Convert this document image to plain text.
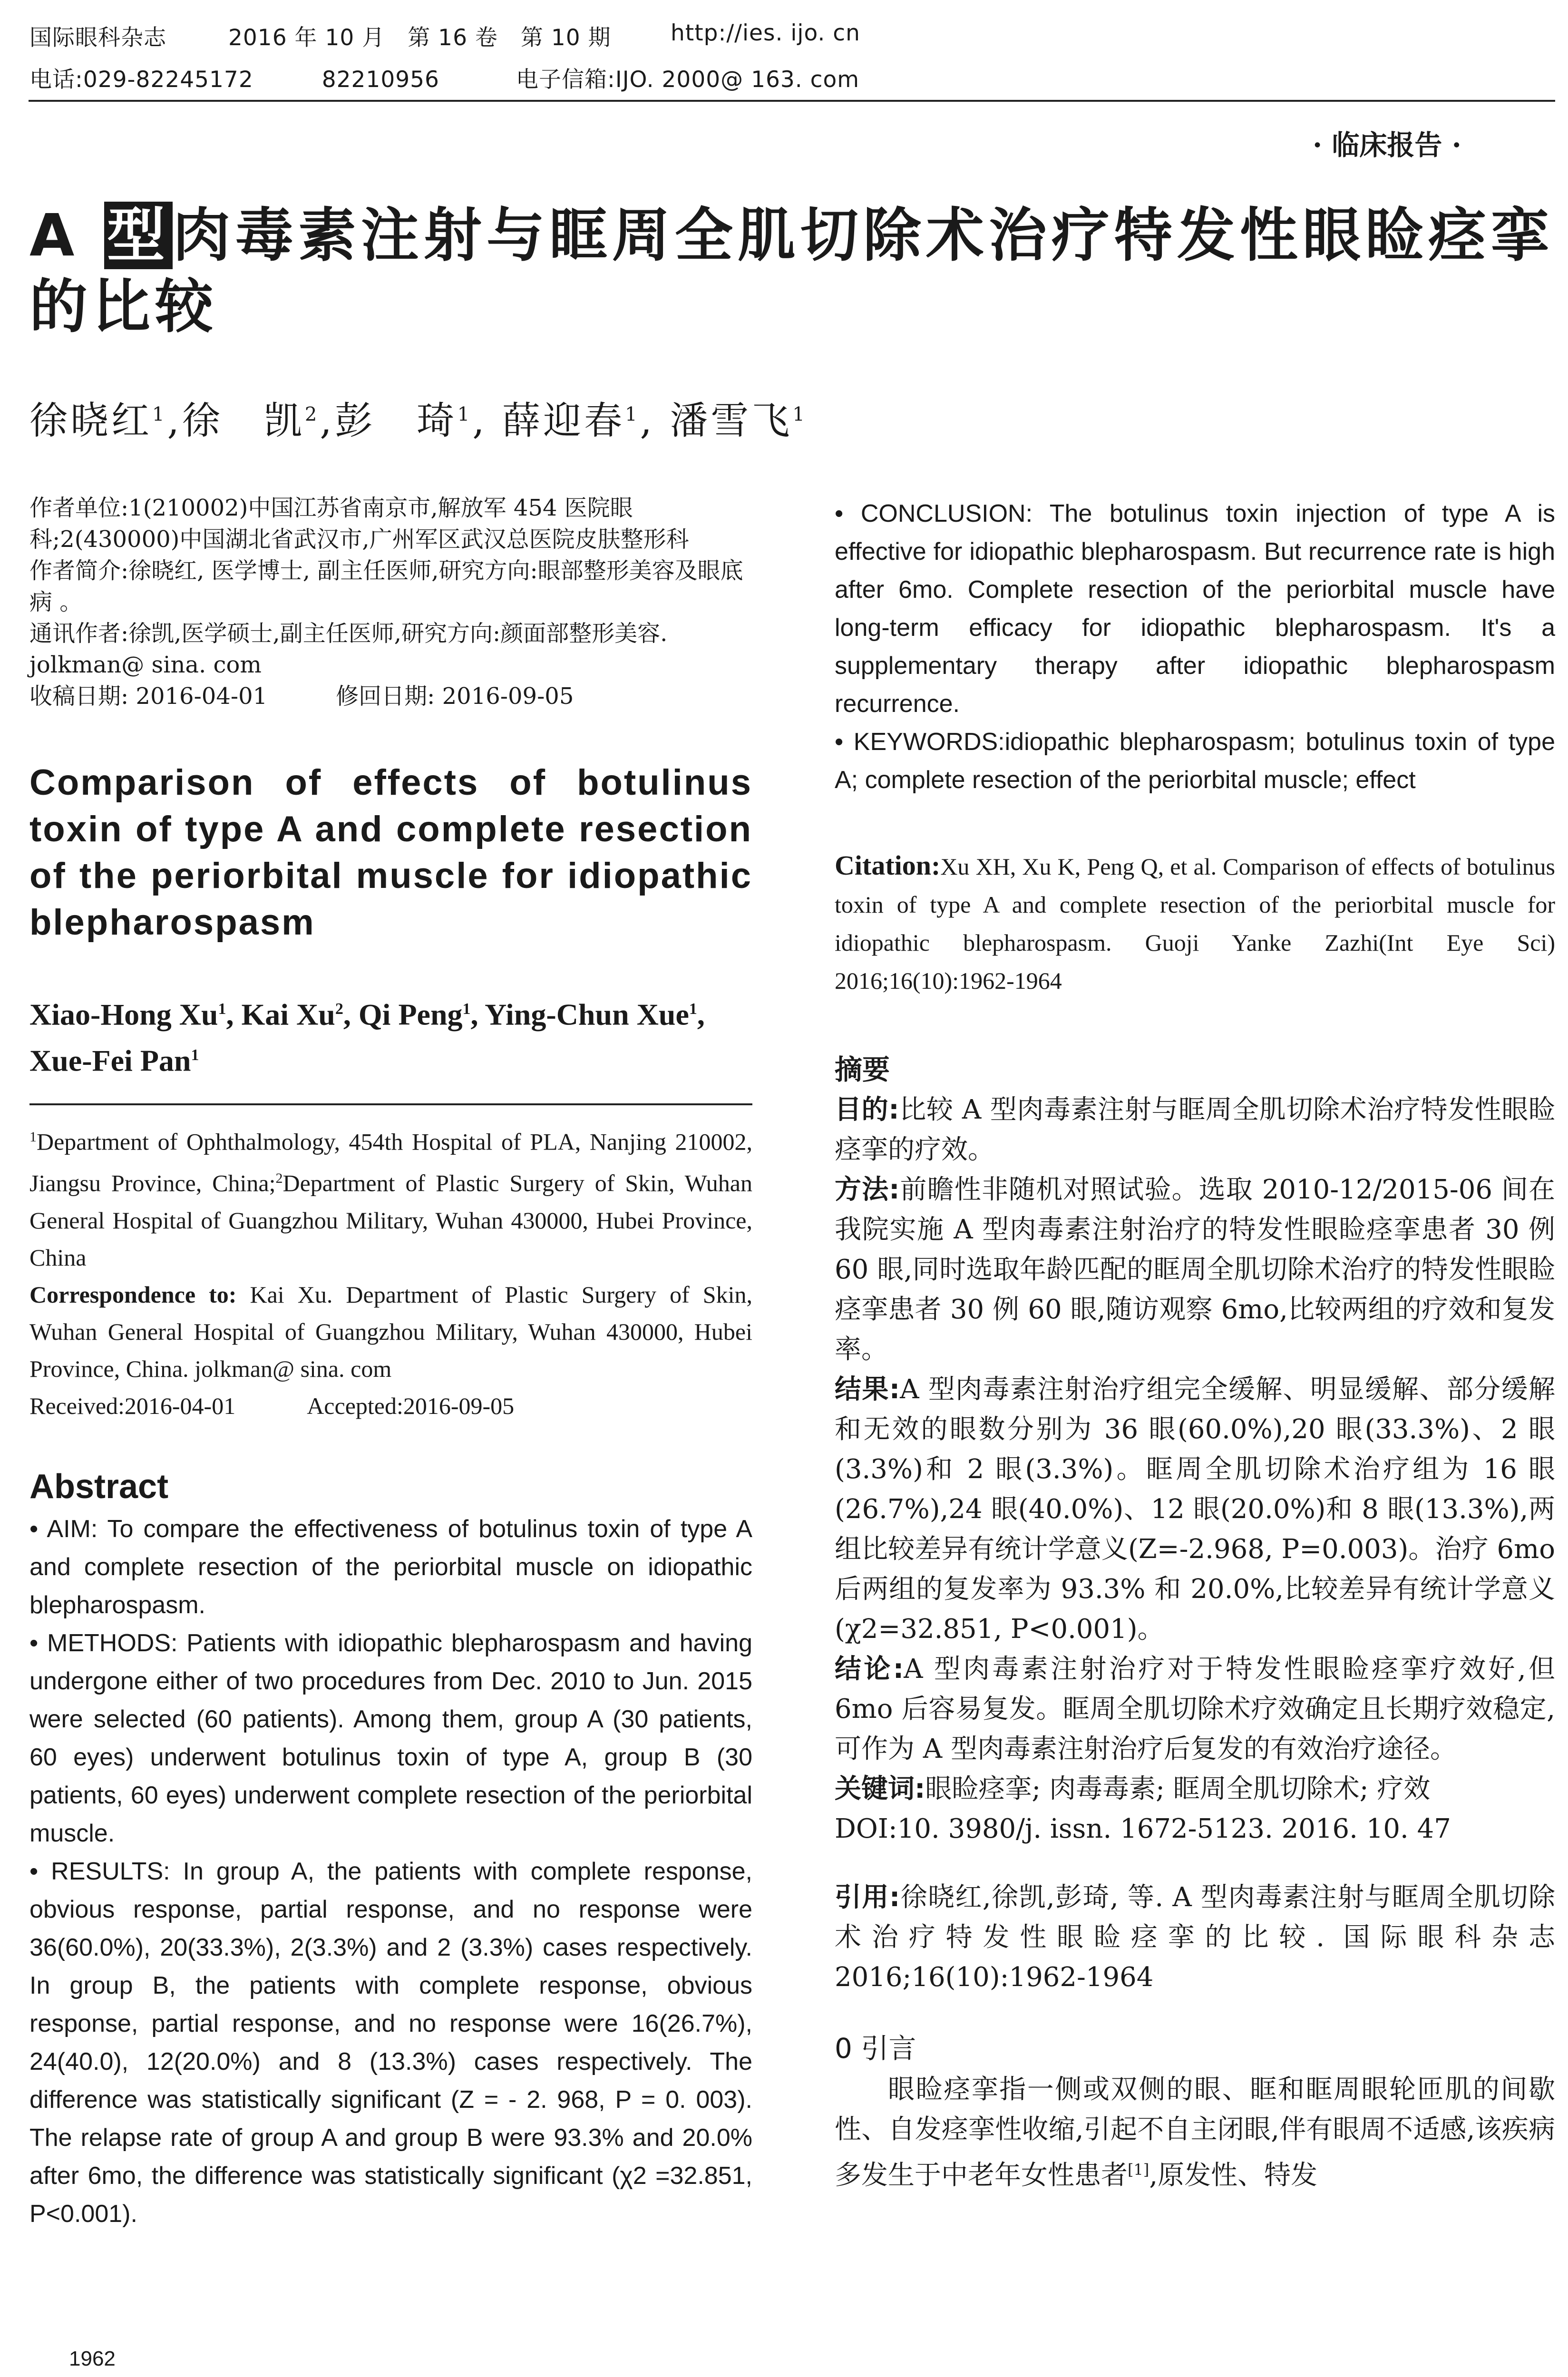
国际眼科杂志	2016 年 10 月　第 16 卷　第 10 期	http://ies. ijo. cn
电话:029-82245172　　　82210956	电子信箱:IJO. 2000@ 163. com
· 临床报告 ·
A 型肉毒素注射与眶周全肌切除术治疗特发性眼睑痉挛的比较
徐晓红$^1$,徐　凯$^2$,彭　琦$^1$, 薛迎春$^1$, 潘雪飞$^1$

作者单位:1(210002)中国江苏省南京市,解放军 454 医院眼科;2(430000)中国湖北省武汉市,广州军区武汉总医院皮肤整形科

作者简介:徐晓红, 医学博士, 副主任医师,研究方向:眼部整形美容及眼底病 。

通讯作者:徐凯,医学硕士,副主任医师,研究方向:颜面部整形美容. jolkman@ sina. com

收稿日期: 2016-04-01　　　修回日期: 2016-09-05

Comparison of effects of botulinus toxin of type A and complete resection of the periorbital muscle for idiopathic blepharospasm
Xiao-Hong Xu$^1$, Kai Xu$^2$, Qi Peng$^1$, Ying-Chun Xue$^1$, Xue-Fei Pan$^1$

$^1$Department of Ophthalmology, 454th Hospital of PLA, Nanjing 210002, Jiangsu Province, China;$^2$Department of Plastic Surgery of Skin, Wuhan General Hospital of Guangzhou Military, Wuhan 430000, Hubei Province, China

Correspondence to: Kai Xu. Department of Plastic Surgery of Skin, Wuhan General Hospital of Guangzhou Military, Wuhan 430000, Hubei Province, China. jolkman@ sina. com

Received:2016-04-01　　　Accepted:2016-09-05

Abstract

• AIM: To compare the effectiveness of botulinus toxin of type A and complete resection of the periorbital muscle on idiopathic blepharospasm.

• METHODS: Patients with idiopathic blepharospasm and having undergone either of two procedures from Dec. 2010 to Jun. 2015 were selected (60 patients). Among them, group A (30 patients, 60 eyes) underwent botulinus toxin of type A, group B (30 patients, 60 eyes) underwent complete resection of the periorbital muscle.

• RESULTS: In group A, the patients with complete response, obvious response, partial response, and no response were 36(60.0%), 20(33.3%), 2(3.3%) and 2 (3.3%) cases respectively. In group B, the patients with complete response, obvious response, partial response, and no response were 16(26.7%), 24(40.0), 12(20.0%) and 8 (13.3%) cases respectively. The difference was statistically significant (Z = - 2. 968, P = 0. 003). The relapse rate of group A and group B were 93.3% and 20.0% after 6mo, the difference was statistically significant (χ2 =32.851, P<0.001).

1962

• CONCLUSION: The botulinus toxin injection of type A is effective for idiopathic blepharospasm. But recurrence rate is high after 6mo. Complete resection of the periorbital muscle have long-term efficacy for idiopathic blepharospasm. It's a supplementary therapy after idiopathic blepharospasm recurrence.

• KEYWORDS:idiopathic blepharospasm; botulinus toxin of type A; complete resection of the periorbital muscle; effect

Citation:Xu XH, Xu K, Peng Q, et al. Comparison of effects of botulinus toxin of type A and complete resection of the periorbital muscle for idiopathic blepharospasm. Guoji Yanke Zazhi(Int Eye Sci) 2016;16(10):1962-1964
摘要

目的:比较 A 型肉毒素注射与眶周全肌切除术治疗特发性眼睑痉挛的疗效。

方法:前瞻性非随机对照试验。选取 2010-12/2015-06 间在我院实施 A 型肉毒素注射治疗的特发性眼睑痉挛患者 30 例 60 眼,同时选取年龄匹配的眶周全肌切除术治疗的特发性眼睑痉挛患者 30 例 60 眼,随访观察 6mo,比较两组的疗效和复发率。

结果:A 型肉毒素注射治疗组完全缓解、明显缓解、部分缓解和无效的眼数分别为 36 眼(60.0%),20 眼(33.3%)、2 眼(3.3%)和 2 眼(3.3%)。眶周全肌切除术治疗组为 16 眼(26.7%),24 眼(40.0%)、12 眼(20.0%)和 8 眼(13.3%),两组比较差异有统计学意义(Z=-2.968, P=0.003)。治疗 6mo 后两组的复发率为 93.3% 和 20.0%,比较差异有统计学意义(χ2=32.851, P<0.001)。

结论:A 型肉毒素注射治疗对于特发性眼睑痉挛疗效好,但 6mo 后容易复发。眶周全肌切除术疗效确定且长期疗效稳定,可作为 A 型肉毒素注射治疗后复发的有效治疗途径。

关键词:眼睑痉挛; 肉毒毒素; 眶周全肌切除术; 疗效

DOI:10. 3980/j. issn. 1672-5123. 2016. 10. 47

引用:徐晓红,徐凯,彭琦, 等. A 型肉毒素注射与眶周全肌切除术治疗特发性眼睑痉挛的比较. 国际眼科杂志 2016;16(10):1962-1964
0 引言
眼睑痉挛指一侧或双侧的眼、眶和眶周眼轮匝肌的间歇性、自发痉挛性收缩,引起不自主闭眼,伴有眼周不适感,该疾病多发生于中老年女性患者[1],原发性、特发
